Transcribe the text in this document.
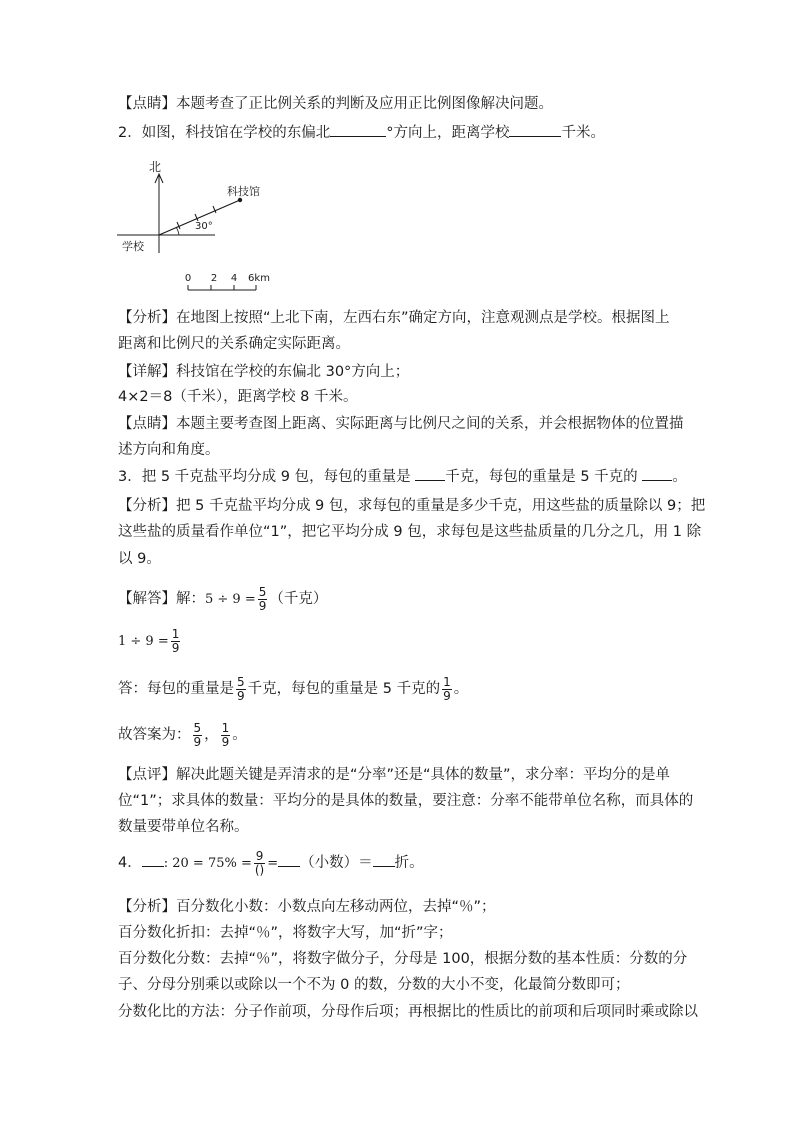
【点睛】本题考查了正比例关系的判断及应用正比例图像解决问题。
2．如图，科技馆在学校的东偏北	°方向上，距离学校	千米。
北
科技馆
30°
学校
0 2 4 6km
【分析】在地图上按照“上北下南，左西右东”确定方向，注意观测点是学校。根据图上
距离和比例尺的关系确定实际距离。
【详解】科技馆在学校的东偏北 30°方向上；
4×2＝8（千米），距离学校 8 千米。
【点睛】本题主要考查图上距离、实际距离与比例尺之间的关系，并会根据物体的位置描
述方向和角度。
3．把 5 千克盐平均分成 9 包，每包的重量是 千克，每包的重量是 5 千克的 。
【分析】把 5 千克盐平均分成 9 包，求每包的重量是多少千克，用这些盐的质量除以 9；把
这些盐的质量看作单位“1”，把它平均分成 9 包，求每包是这些盐质量的几分之几，用 1 除
以 9。
【解答】解：$5 \div 9 = \frac{5}{9}$ （千克）
$1 \div 9 = \frac{1}{9}$
答：每包的重量是 $\frac{5}{9}$ 千克，每包的重量是 5 千克的 $\frac{1}{9}$ 。
故答案为： $\frac{5}{9}$ ， $\frac{1}{9}$ 。
【点评】解决此题关键是弄清求的是“分率”还是“具体的数量”，求分率：平均分的是单
位“1”；求具体的数量：平均分的是具体的数量，要注意：分率不能带单位名称，而具体的
数量要带单位名称。
4． : $20 = 75\% = \frac{9}{()}$ = （小数）＝ 折。
【分析】百分数化小数：小数点向左移动两位，去掉“％”；
百分数化折扣：去掉“％”，将数字大写，加“折”字；
百分数化分数：去掉“％”，将数字做分子，分母是 100，根据分数的基本性质：分数的分
子、分母分别乘以或除以一个不为 0 的数，分数的大小不变，化最简分数即可；
分数化比的方法：分子作前项，分母作后项；再根据比的性质比的前项和后项同时乘或除以
